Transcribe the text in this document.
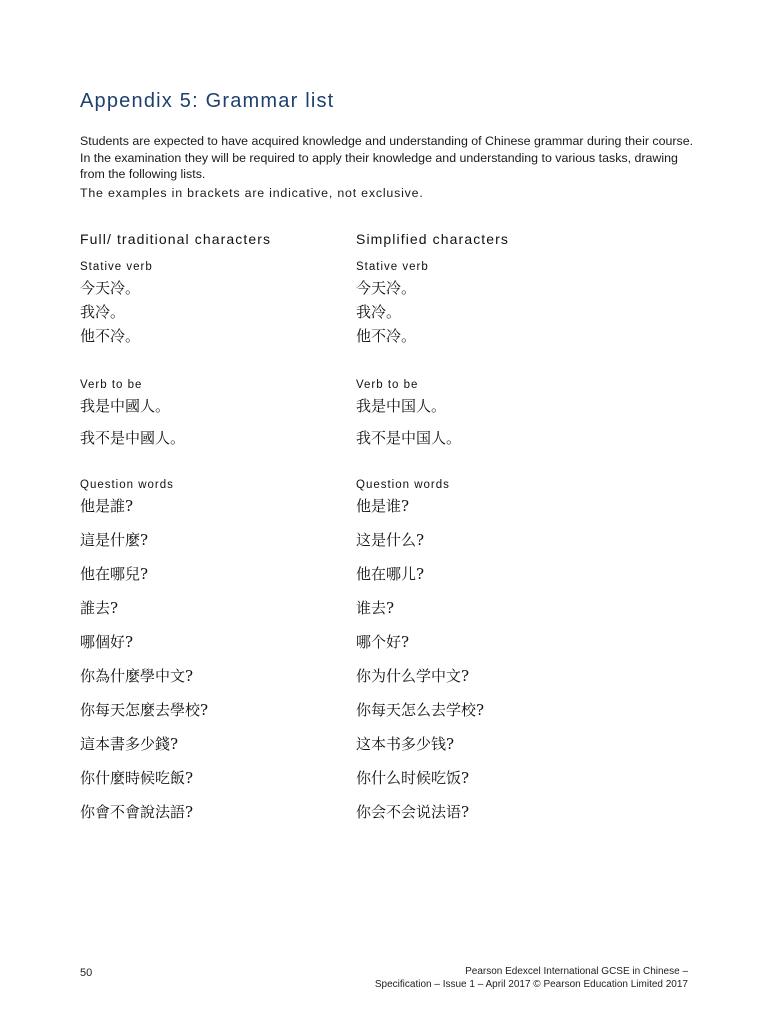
Appendix 5: Grammar list

Students are expected to have acquired knowledge and understanding of Chinese grammar during their course. In the examination they will be required to apply their knowledge and understanding to various tasks, drawing from the following lists.

The examples in brackets are indicative, not exclusive.

Full/ traditional characters
Stative verb
今天冷。
我冷。
他不冷。
Verb to be
我是中國人。
我不是中國人。
Question words
他是誰?
這是什麼?
他在哪兒?
誰去?
哪個好?
你為什麼學中文?
你每天怎麼去學校?
這本書多少錢?
你什麼時候吃飯?
你會不會說法語?
Simplified characters
Stative verb
今天冷。
我冷。
他不冷。
Verb to be
我是中国人。
我不是中国人。
Question words
他是谁?
这是什么?
他在哪儿?
谁去?
哪个好?
你为什么学中文?
你每天怎么去学校?
这本书多少钱?
你什么时候吃饭?
你会不会说法语?
50	Pearson Edexcel International GCSE in Chinese –
Specification – Issue 1 – April 2017 © Pearson Education Limited 2017
